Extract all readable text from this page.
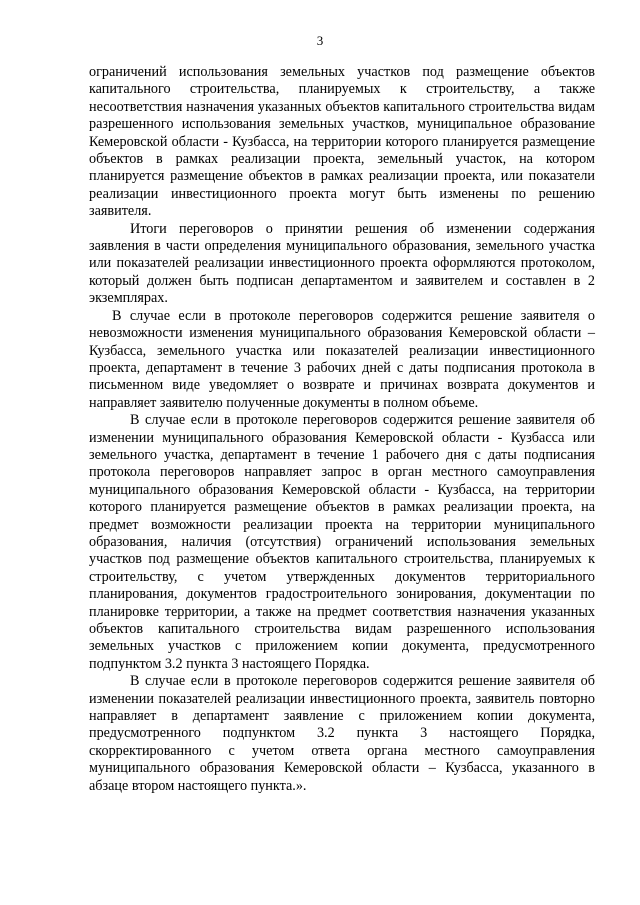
3

ограничений использования земельных участков под размещение объектов капитального строительства, планируемых к строительству, а также несоответствия назначения указанных объектов капитального строительства видам разрешенного использования земельных участков, муниципальное образование Кемеровской области - Кузбасса, на территории которого планируется размещение объектов в рамках реализации проекта, земельный участок, на котором планируется размещение объектов в рамках реализации проекта, или показатели реализации инвестиционного проекта могут быть изменены по решению заявителя.

Итоги переговоров о принятии решения об изменении содержания заявления в части определения муниципального образования, земельного участка или показателей реализации инвестиционного проекта оформляются протоколом, который должен быть подписан департаментом и заявителем и составлен в 2 экземплярах.

В случае если в протоколе переговоров содержится решение заявителя о невозможности изменения муниципального образования Кемеровской области – Кузбасса, земельного участка или показателей реализации инвестиционного проекта, департамент в течение 3 рабочих дней с даты подписания протокола в письменном виде уведомляет о возврате и причинах возврата документов и направляет заявителю полученные документы в полном объеме.

В случае если в протоколе переговоров содержится решение заявителя об изменении муниципального образования Кемеровской области - Кузбасса или земельного участка, департамент в течение 1 рабочего дня с даты подписания протокола переговоров направляет запрос в орган местного самоуправления муниципального образования Кемеровской области - Кузбасса, на территории которого планируется размещение объектов в рамках реализации проекта, на предмет возможности реализации проекта на территории муниципального образования, наличия (отсутствия) ограничений использования земельных участков под размещение объектов капитального строительства, планируемых к строительству, с учетом утвержденных документов территориального планирования, документов градостроительного зонирования, документации по планировке территории, а также на предмет соответствия назначения указанных объектов капитального строительства видам разрешенного использования земельных участков с приложением копии документа, предусмотренного подпунктом 3.2 пункта 3 настоящего Порядка.

В случае если в протоколе переговоров содержится решение заявителя об изменении показателей реализации инвестиционного проекта, заявитель повторно направляет в департамент заявление с приложением копии документа, предусмотренного подпунктом 3.2 пункта 3 настоящего Порядка, скорректированного с учетом ответа органа местного самоуправления муниципального образования Кемеровской области – Кузбасса, указанного в абзаце втором настоящего пункта.».
